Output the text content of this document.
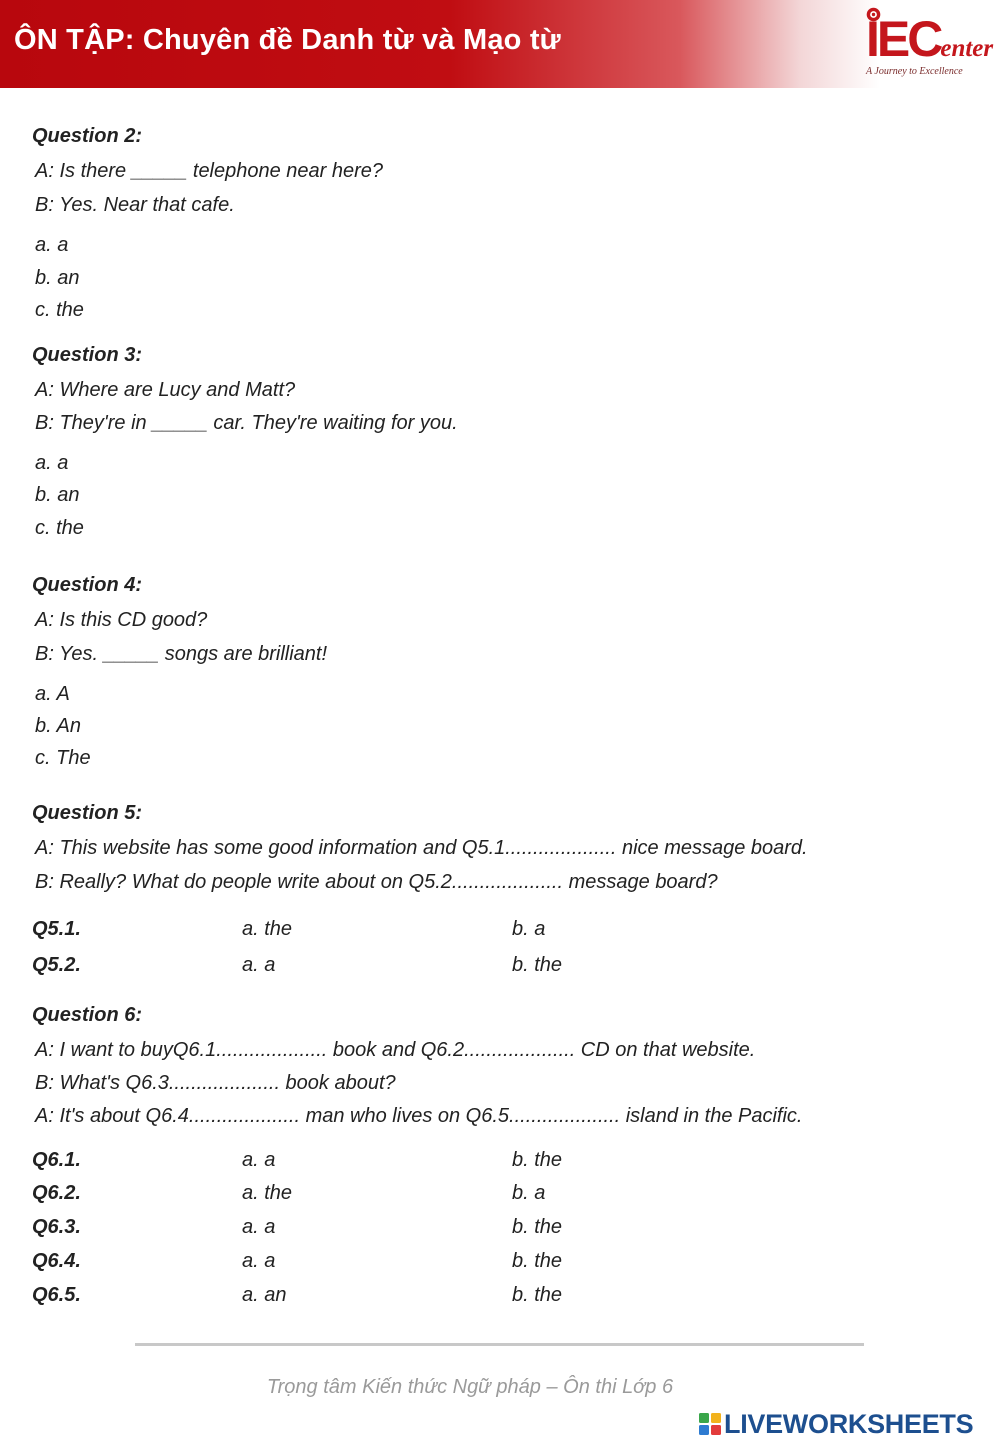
ÔN TẬP: Chuyên đề Danh từ và Mạo từ	IECenter
A Journey to Excellence
Question 2:
A: Is there _____ telephone near here?
B: Yes. Near that cafe.
a. a
b. an
c. the
Question 3:
A: Where are Lucy and Matt?
B: They're in _____ car. They're waiting for you.
a. a
b. an
c. the
Question 4:
A: Is this CD good?
B: Yes. _____ songs are brilliant!
a. A
b. An
c. The
Question 5:
A: This website has some good information and Q5.1.................... nice message board.
B: Really? What do people write about on Q5.2.................... message board?
Q5.1.	a. the	b. a
Q5.2.	a. a	b. the
Question 6:
A: I want to buyQ6.1.................... book and Q6.2.................... CD on that website.
B: What's Q6.3.................... book about?
A: It's about Q6.4.................... man who lives on Q6.5.................... island in the Pacific.
Q6.1.	a. a	b. the
Q6.2.	a. the	b. a
Q6.3.	a. a	b. the
Q6.4.	a. a	b. the
Q6.5.	a. an	b. the
Trọng tâm Kiến thức Ngữ pháp – Ôn thi Lớp 6
LIVEWORKSHEETS
